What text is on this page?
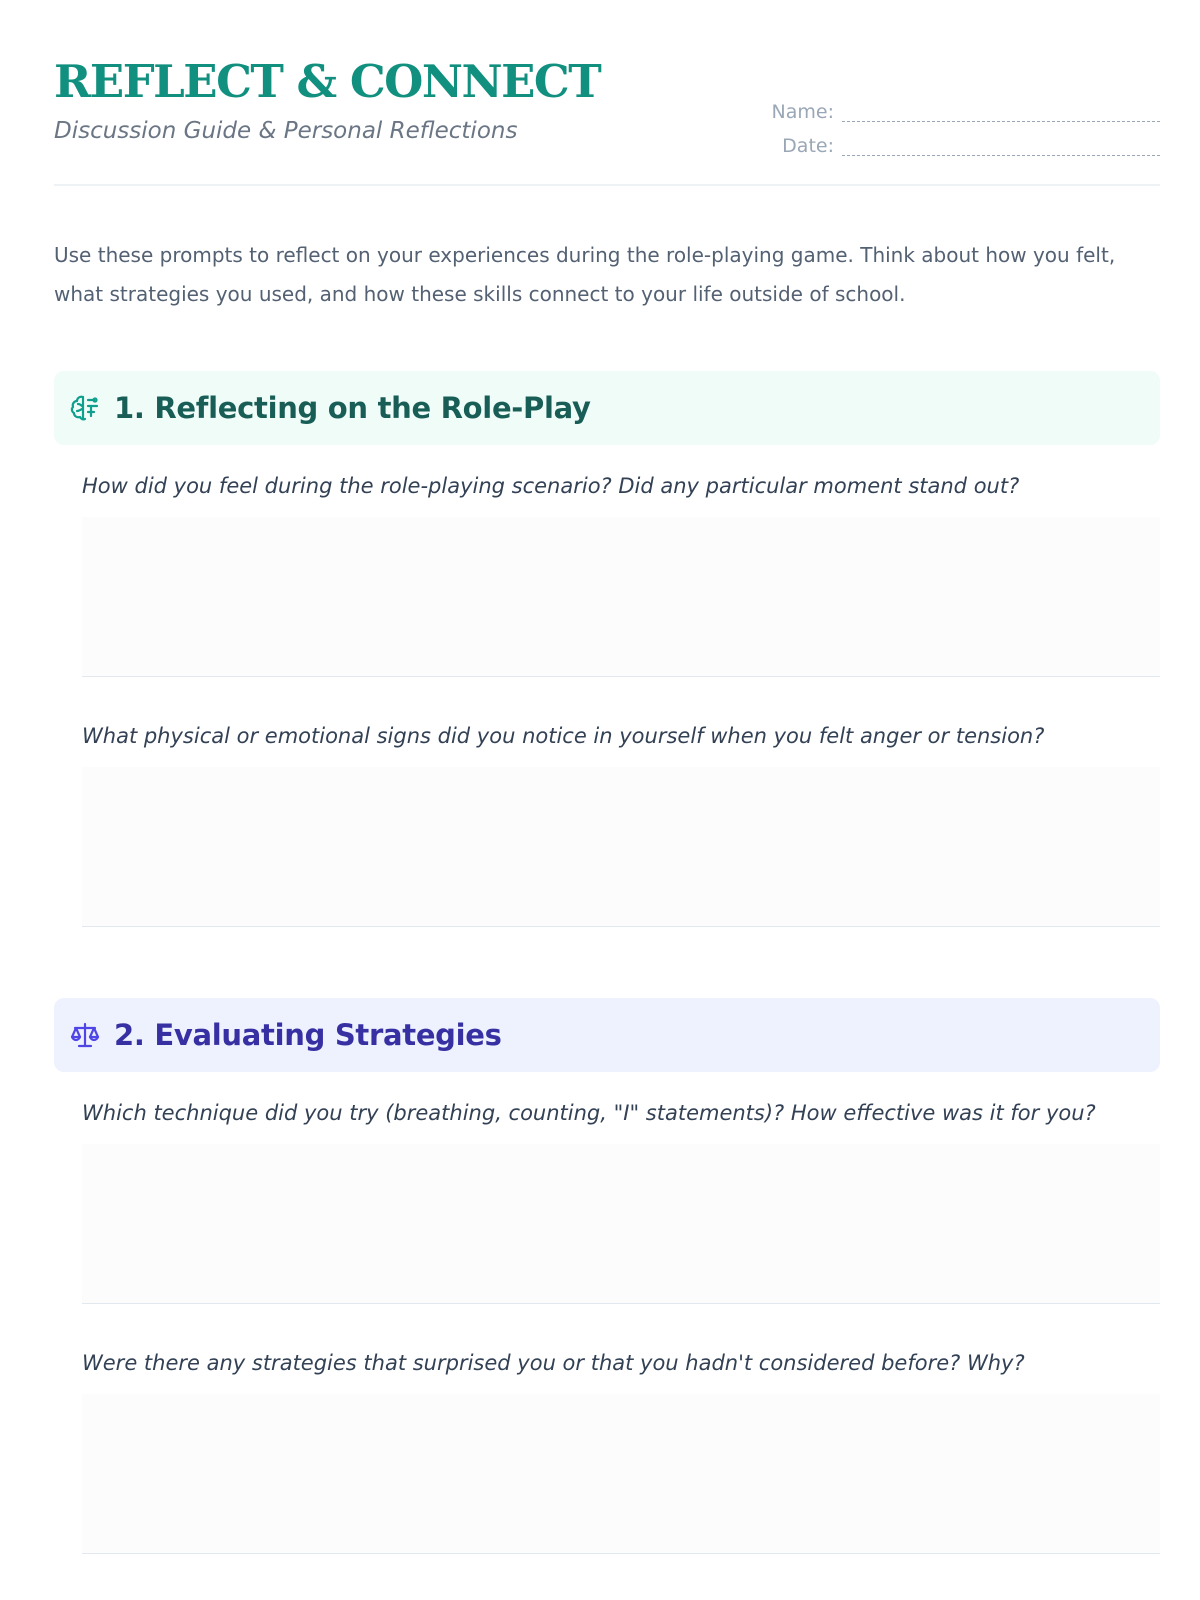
REFLECT & CONNECT
Discussion Guide & Personal Reflections
Name:
Date:

Use these prompts to reflect on your experiences during the role-playing game. Think about how you felt, what strategies you used, and how these skills connect to your life outside of school.

1. Reflecting on the Role-Play

How did you feel during the role-playing scenario? Did any particular moment stand out?

What physical or emotional signs did you notice in yourself when you felt anger or tension?

2. Evaluating Strategies

Which technique did you try (breathing, counting, "I" statements)? How effective was it for you?

Were there any strategies that surprised you or that you hadn't considered before? Why?
